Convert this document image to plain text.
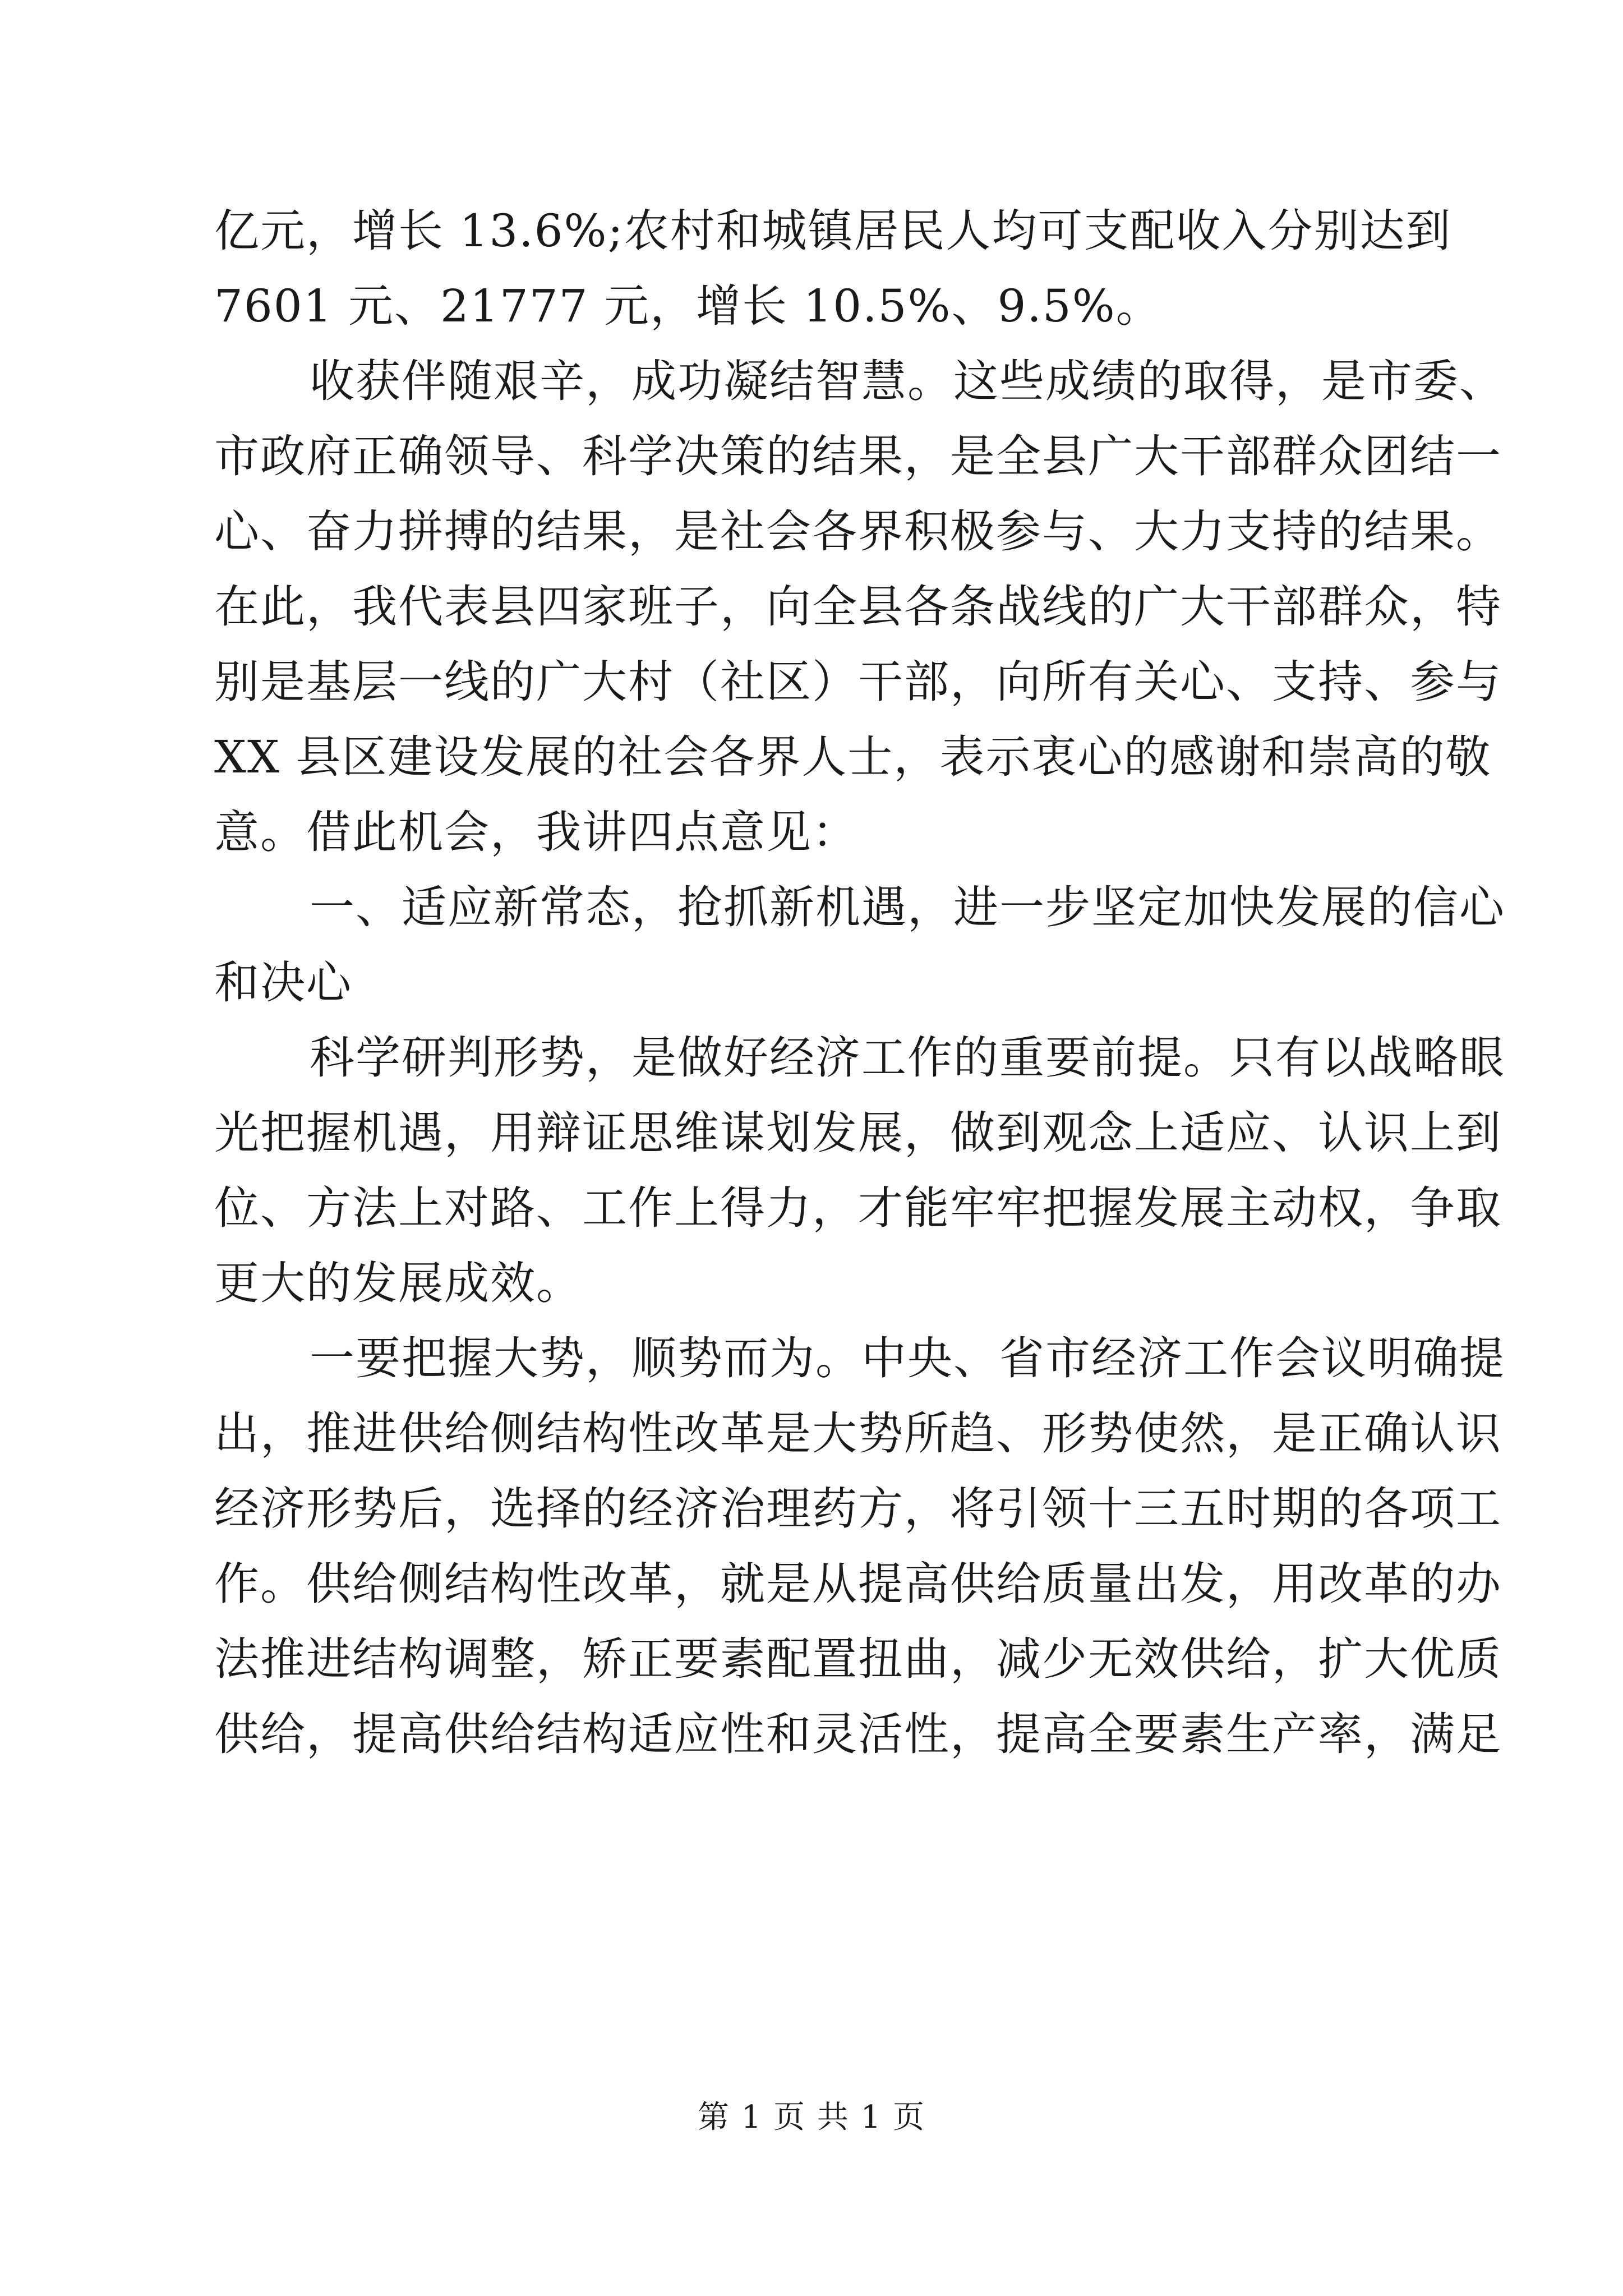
亿元，增长 13.6%;农村和城镇居民人均可支配收入分别达到
7601 元、21777 元，增长 10.5%、9.5%。
收获伴随艰辛，成功凝结智慧。这些成绩的取得，是市委、
市政府正确领导、科学决策的结果，是全县广大干部群众团结一
心、奋力拼搏的结果，是社会各界积极参与、大力支持的结果。
在此，我代表县四家班子，向全县各条战线的广大干部群众，特
别是基层一线的广大村（社区）干部，向所有关心、支持、参与
XX 县区建设发展的社会各界人士，表示衷心的感谢和崇高的敬
意。借此机会，我讲四点意见：
一、适应新常态，抢抓新机遇，进一步坚定加快发展的信心
和决心
科学研判形势，是做好经济工作的重要前提。只有以战略眼
光把握机遇，用辩证思维谋划发展，做到观念上适应、认识上到
位、方法上对路、工作上得力，才能牢牢把握发展主动权，争取
更大的发展成效。
一要把握大势，顺势而为。中央、省市经济工作会议明确提
出，推进供给侧结构性改革是大势所趋、形势使然，是正确认识
经济形势后，选择的经济治理药方，将引领十三五时期的各项工
作。供给侧结构性改革，就是从提高供给质量出发，用改革的办
法推进结构调整，矫正要素配置扭曲，减少无效供给，扩大优质
供给，提高供给结构适应性和灵活性，提高全要素生产率，满足
第 1 页 共 1 页
